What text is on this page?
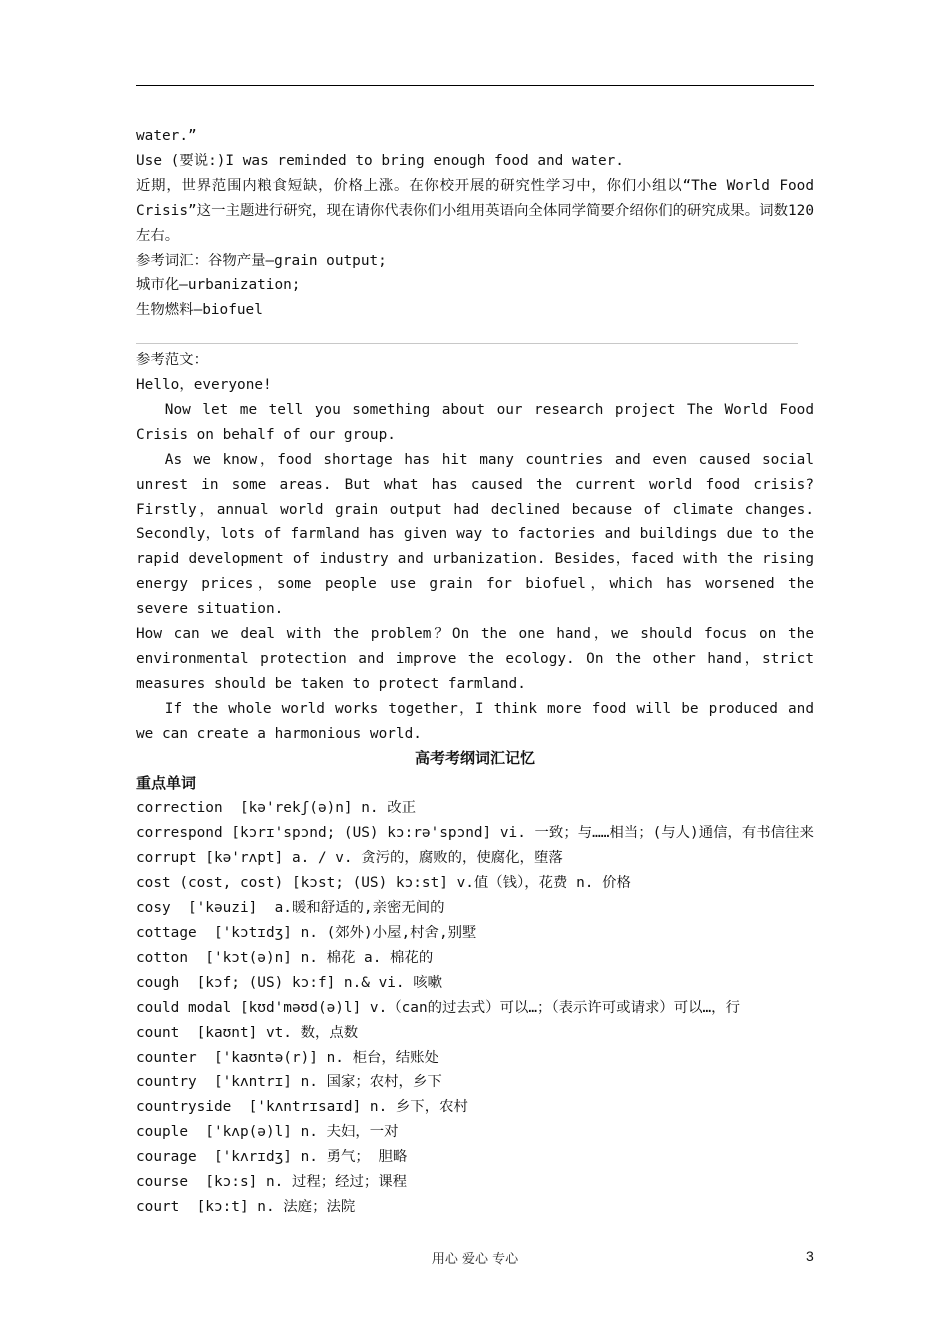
water.”
Use (要说:)I was reminded to bring enough food and water.

近期，世界范围内粮食短缺，价格上涨。在你校开展的研究性学习中，你们小组以“The World Food Crisis”这一主题进行研究，现在请你代表你们小组用英语向全体同学简要介绍你们的研究成果。词数120左右。

参考词汇：谷物产量—grain output;
城市化—urbanization;
生物燃料—biofuel
参考范文：
Hello，everyone!

Now let me tell you something about our research project The World Food Crisis on behalf of our group.

As we know，food shortage has hit many countries and even caused social unrest in some areas. But what has caused the current world food crisis? Firstly，annual world grain output had declined because of climate changes. Secondly，lots of farmland has given way to factories and buildings due to the rapid development of industry and urbanization. Besides，faced with the rising energy prices，some people use grain for biofuel，which has worsened the severe situation.

How can we deal with the problem？On the one hand，we should focus on the environmental protection and improve the ecology. On the other hand，strict measures should be taken to protect farmland.

If the whole world works together，I think more food will be produced and we can create a harmonious world.

高考考纲词汇记忆
重点单词
correction  [kə'rekʃ(ə)n] n. 改正
correspond [kɔrɪ'spɔnd; (US) kɔ:rə'spɔnd] vi. 一致；与……相当；(与人)通信，有书信往来
corrupt [kə'rʌpt] a. / v. 贪污的，腐败的，使腐化，堕落
cost (cost, cost) [kɔst; (US) kɔ:st] v.值（钱），花费 n. 价格
cosy  ['kəuzi]  a.暖和舒适的,亲密无间的
cottage  ['kɔtɪdʒ] n. (郊外)小屋,村舍,别墅
cotton  ['kɔt(ə)n] n. 棉花 a. 棉花的
cough  [kɔf; (US) kɔ:f] n.& vi. 咳嗽
could modal [kʊd'məʊd(ə)l] v.（can的过去式）可以…；（表示许可或请求）可以…，行
count  [kaʊnt] vt. 数，点数
counter  ['kaʊntə(r)] n. 柜台，结账处
country  ['kʌntrɪ] n. 国家；农村，乡下
countryside  ['kʌntrɪsaɪd] n. 乡下，农村
couple  ['kʌp(ə)l] n. 夫妇，一对
courage  ['kʌrɪdʒ] n. 勇气； 胆略
course  [kɔ:s] n. 过程；经过；课程
court  [kɔ:t] n. 法庭；法院
用心 爱心 专心	3
